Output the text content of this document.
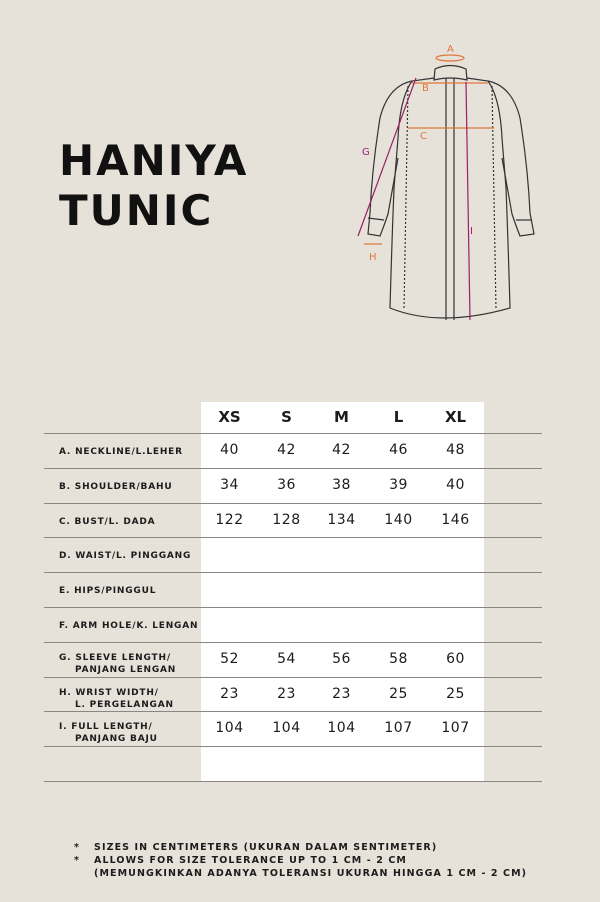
HANIYA
TUNIC
A
B
C
G
H
I
XS	S	M	L	XL
A. NECKLINE/L.LEHER	40	42	42	46	48
B. SHOULDER/BAHU	34	36	38	39	40
C. BUST/L. DADA	122	128	134	140	146
D. WAIST/L. PINGGANG
E. HIPS/PINGGUL
F. ARM HOLE/K. LENGAN
G. SLEEVE LENGTH/
PANJANG LENGAN
52	54	56	58	60
H. WRIST WIDTH/
L. PERGELANGAN
23	23	23	25	25
I. FULL LENGTH/
PANJANG BAJU
104	104	104	107	107
*	SIZES IN CENTIMETERS (UKURAN DALAM SENTIMETER)
*	ALLOWS FOR SIZE TOLERANCE UP TO 1 CM - 2 CM
(MEMUNGKINKAN ADANYA TOLERANSI UKURAN HINGGA 1 CM - 2 CM)
